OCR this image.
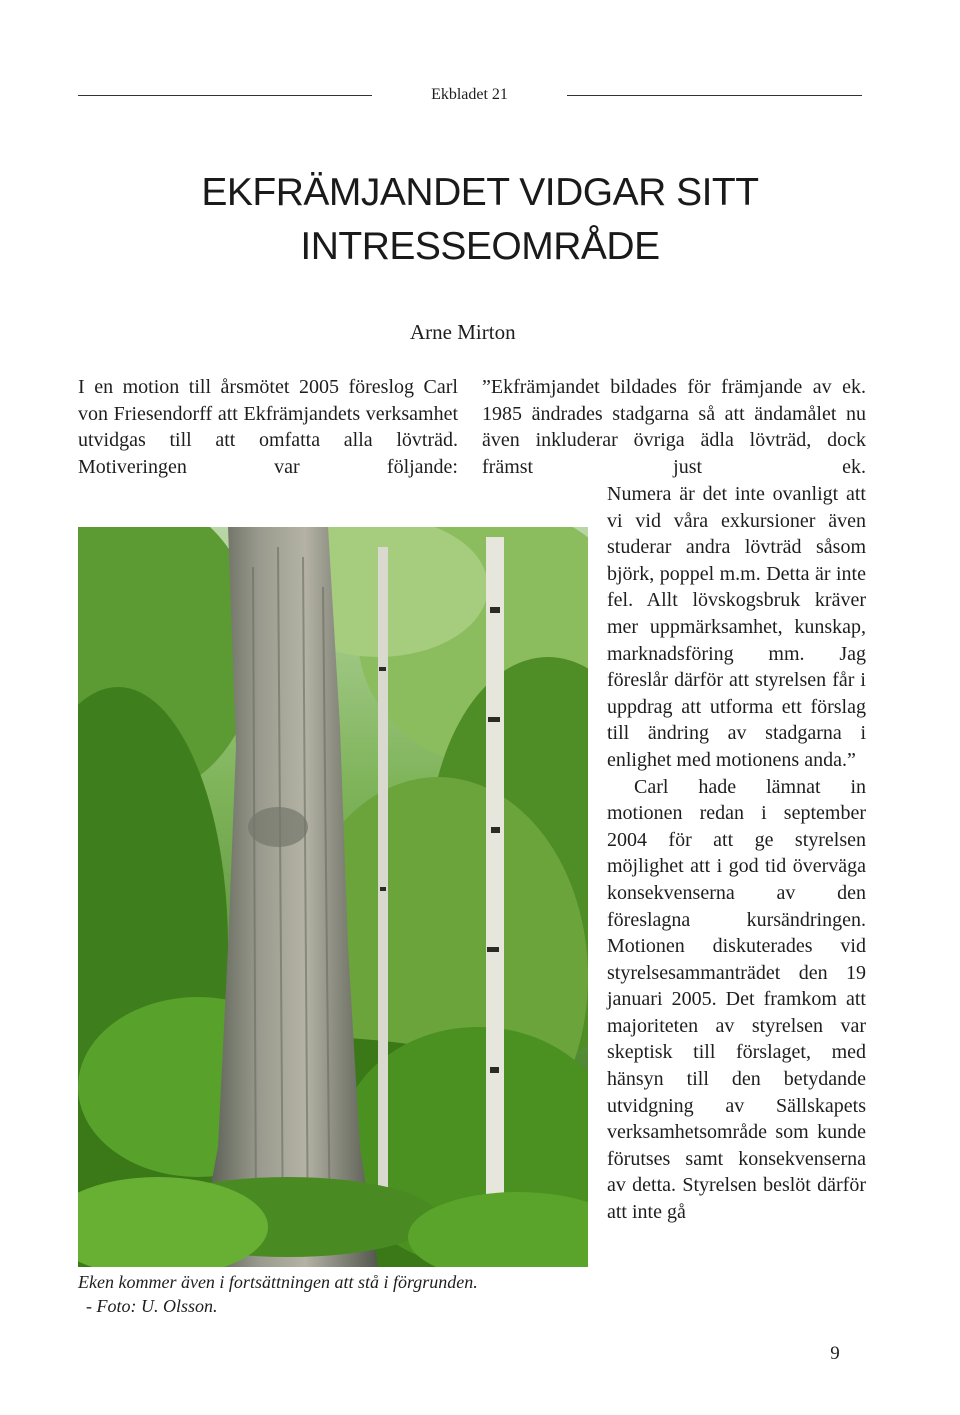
Ekbladet 21
EKFRÄMJANDET VIDGAR SITT INTRESSEOMRÅDE
Arne Mirton

I en motion till årsmötet 2005 föreslog Carl von Friesendorff att Ekfrämjandets verksamhet utvidgas till att omfatta alla lövträd. Motiveringen var följande:

”Ekfrämjandet bildades för främjande av ek. 1985 ändrades stadgarna så att ändamålet nu även inkluderar övriga ädla lövträd, dock främst just ek.

Numera är det inte ovanligt att vi vid våra exkursioner även studerar andra lövträd såsom björk, poppel m.m. Detta är inte fel. Allt lövskogsbruk kräver mer uppmärksamhet, kunskap, marknadsföring mm. Jag föreslår därför att styrelsen får i uppdrag att utforma ett förslag till ändring av stadgarna i enlighet med motionens anda.”

Carl hade lämnat in motionen redan i september 2004 för att ge styrelsen möjlighet att i god tid överväga konsekvenserna av den föreslagna kursändringen. Motionen diskuterades vid styrelsesammanträdet den 19 januari 2005. Det framkom att majoriteten av styrelsen var skeptisk till förslaget, med hänsyn till den betydande utvidgning av Sällskapets verksamhetsområde som kunde förutses samt konsekvenserna av detta. Styrelsen beslöt därför att inte gå

Eken kommer även i fortsättningen att stå i förgrunden.
- Foto: U. Olsson.
9
